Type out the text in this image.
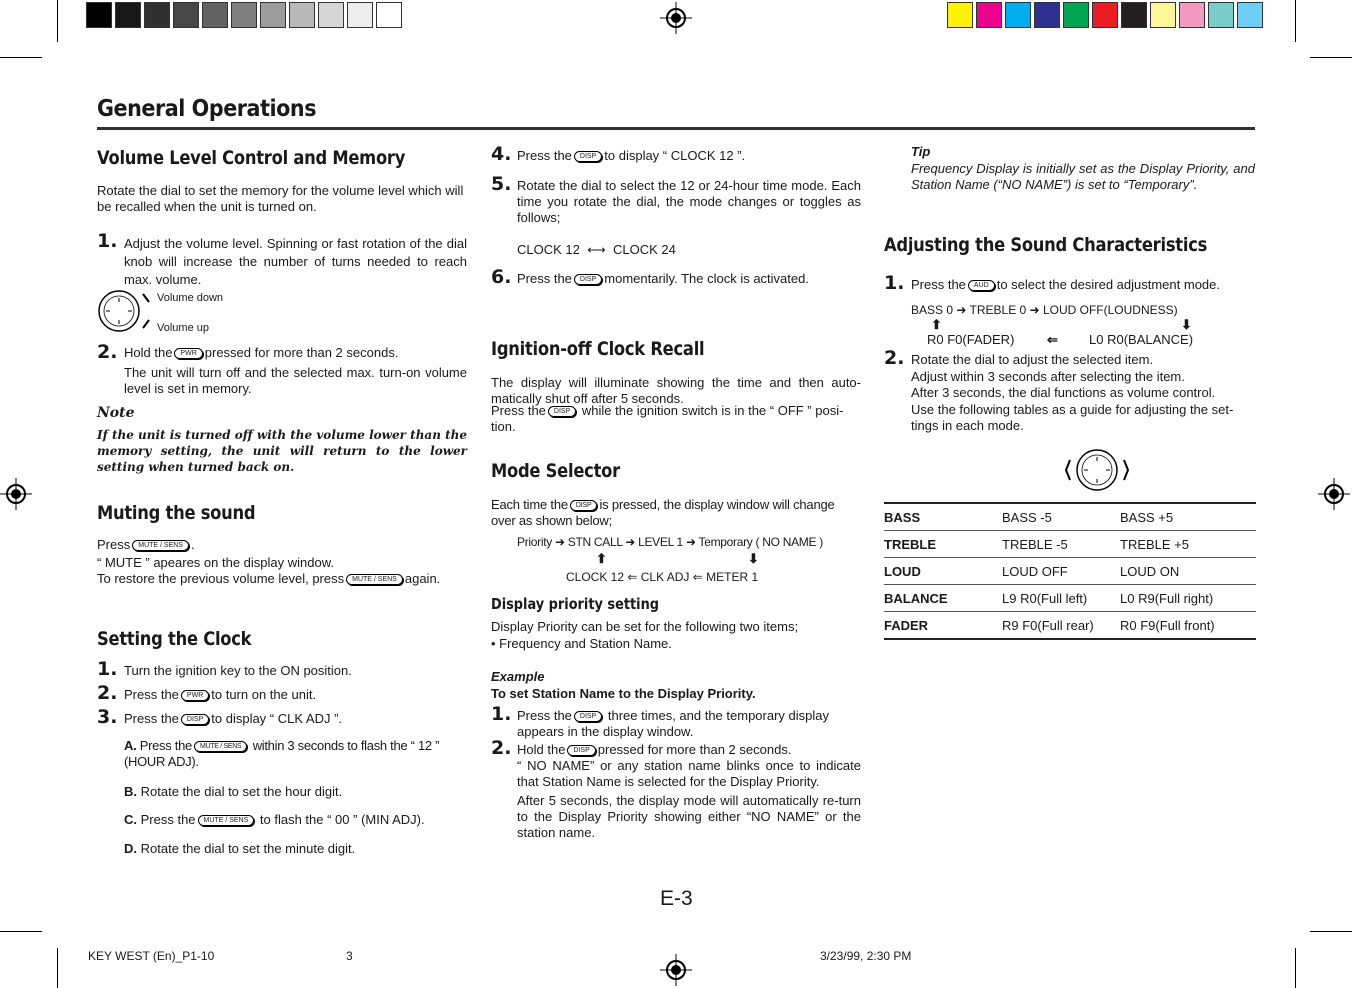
General Operations
Volume Level Control and Memory
Rotate the dial to set the memory for the volume level which will be recalled when the unit is turned on.
1. Adjust the volume level. Spinning or fast rotation of the dial knob will increase the number of turns needed to reach max. volume.
Volume down
Volume up
2. Hold the PWR pressed for more than 2 seconds.
The unit will turn off and the selected max. turn-on volume level is set in memory.
Note
If the unit is turned off with the volume lower than the memory setting, the unit will return to the lower setting when turned back on.
Muting the sound
Press MUTE / SENS .
“ MUTE ” apeares on the display window.
To restore the previous volume level, press MUTE / SENS again.
Setting the Clock
1. Turn the ignition key to the ON position.
2. Press the PWR to turn on the unit.
3. Press the DISP to display “ CLK ADJ ”.
A. Press the MUTE / SENS within 3 seconds to flash the “ 12 ” (HOUR ADJ).
B. Rotate the dial to set the hour digit.
C. Press the MUTE / SENS to flash the “ 00 ” (MIN ADJ).
D. Rotate the dial to set the minute digit.
4. Press the DISP to display “ CLOCK 12 ”.
5. Rotate the dial to select the 12 or 24-hour time mode. Each time you rotate the dial, the mode changes or toggles as follows;
CLOCK 12 ⟷ CLOCK 24
6. Press the DISP momentarily. The clock is activated.
Ignition-off Clock Recall
The display will illuminate showing the time and then auto-matically shut off after 5 seconds.
Press the DISP while the ignition switch is in the “ OFF ” posi-tion.
Mode Selector
Each time the DISP is pressed, the display window will change over as shown below;
Priority ➜ STN CALL ➜ LEVEL 1 ➜ Temporary ( NO NAME )
⬆	⬇
CLOCK 12 ⇐ CLK ADJ ⇐ METER 1
Display priority setting
Display Priority can be set for the following two items;
• Frequency and Station Name.
Example
To set Station Name to the Display Priority.
1. Press the DISP three times, and the temporary display appears in the display window.
2. Hold the DISP pressed for more than 2 seconds.
“ NO NAME” or any station name blinks once to indicate that Station Name is selected for the Display Priority.
After 5 seconds, the display mode will automatically re-turn to the Display Priority showing either “NO NAME” or the station name.
Tip
Frequency Display is initially set as the Display Priority, and Station Name (“NO NAME”) is set to “Temporary”.
Adjusting the Sound Characteristics
1. Press the AUD to select the desired adjustment mode.
BASS 0 ➜ TREBLE 0 ➜ LOUD OFF(LOUDNESS)
⬆	⬇
R0 F0(FADER)	⇐ L0 R0(BALANCE)
2. Rotate the dial to adjust the selected item.
Adjust within 3 seconds after selecting the item.
After 3 seconds, the dial functions as volume control.
Use the following tables as a guide for adjusting the set-tings in each mode.
BASS	BASS -5	BASS +5
TREBLE	TREBLE -5	TREBLE +5
LOUD	LOUD OFF	LOUD ON
BALANCE	L9 R0(Full left)	L0 R9(Full right)
FADER	R9 F0(Full rear)	R0 F9(Full front)
E-3
KEY WEST (En)_P1-10	3	3/23/99, 2:30 PM
